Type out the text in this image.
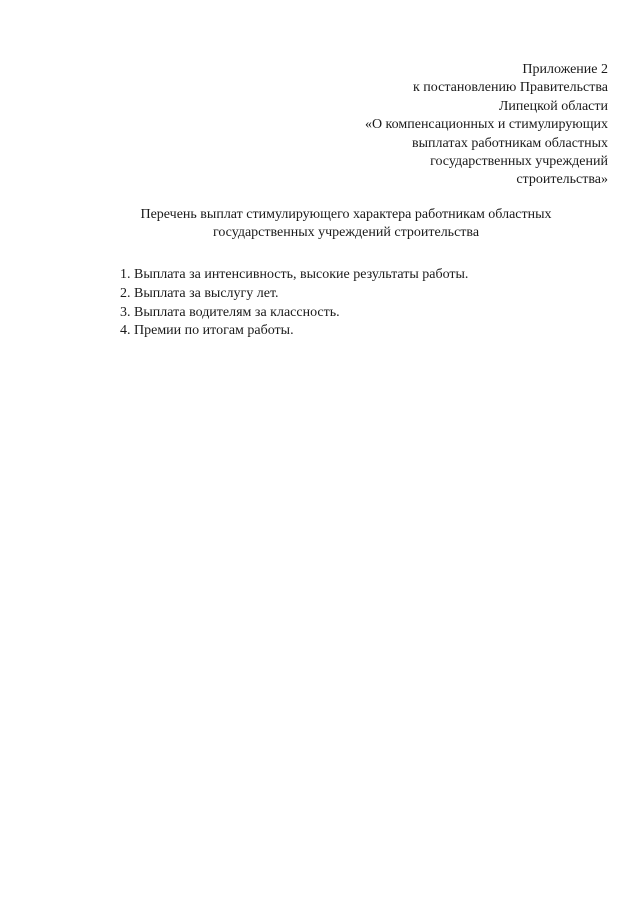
Приложение 2
к постановлению Правительства
Липецкой области
«О компенсационных и стимулирующих
выплатах работникам областных
государственных учреждений
строительства»
Перечень выплат стимулирующего характера работникам областных
государственных учреждений строительства
1. Выплата за интенсивность, высокие результаты работы.
2. Выплата за выслугу лет.
3. Выплата водителям за классность.
4. Премии по итогам работы.
